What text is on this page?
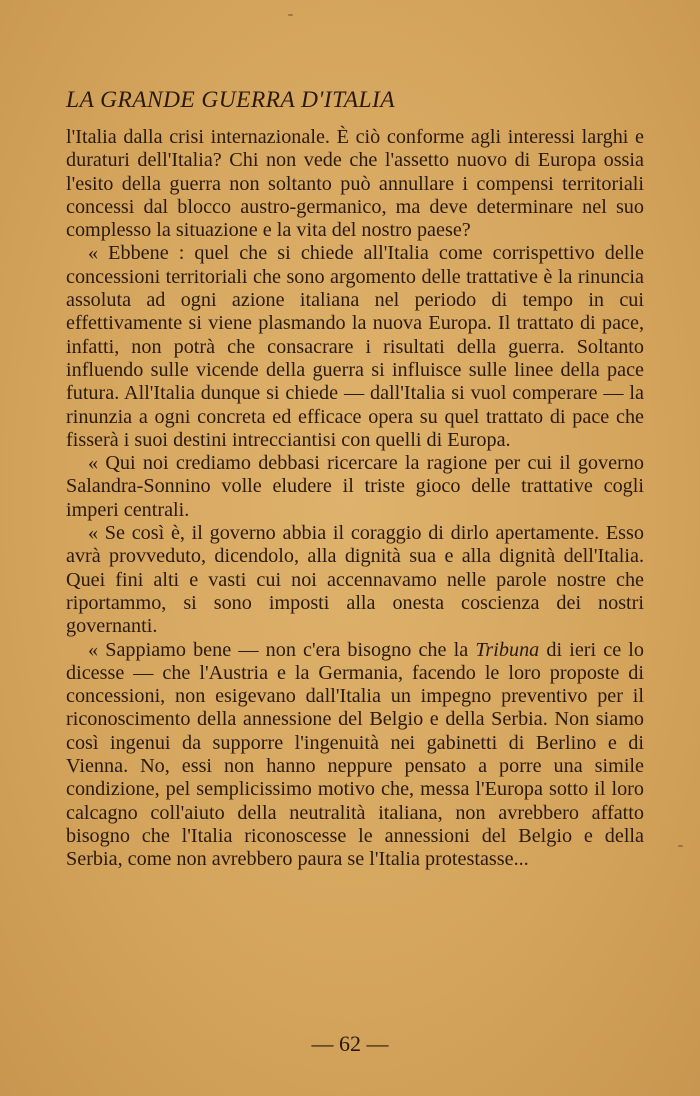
LA GRANDE GUERRA D'ITALIA

l'Italia dalla crisi internazionale. È ciò conforme agli interessi larghi e duraturi dell'Italia? Chi non vede che l'assetto nuovo di Europa ossia l'esito della guerra non soltanto può annullare i compensi territoriali concessi dal blocco austro-germanico, ma deve determinare nel suo complesso la situazione e la vita del nostro paese?

« Ebbene : quel che si chiede all'Italia come corrispettivo delle concessioni territoriali che sono argomento delle trattative è la rinuncia assoluta ad ogni azione italiana nel periodo di tempo in cui effettivamente si viene plasmando la nuova Europa. Il trattato di pace, infatti, non potrà che consacrare i risultati della guerra. Soltanto influendo sulle vicende della guerra si influisce sulle linee della pace futura. All'Italia dunque si chiede — dall'Italia si vuol comperare — la rinunzia a ogni concreta ed efficace opera su quel trattato di pace che fisserà i suoi destini intrecciantisi con quelli di Europa.

« Qui noi crediamo debbasi ricercare la ragione per cui il governo Salandra-Sonnino volle eludere il triste gioco delle trattative cogli imperi centrali.

« Se così è, il governo abbia il coraggio di dirlo apertamente. Esso avrà provveduto, dicendolo, alla dignità sua e alla dignità dell'Italia. Quei fini alti e vasti cui noi accennavamo nelle parole nostre che riportammo, si sono imposti alla onesta coscienza dei nostri governanti.

« Sappiamo bene — non c'era bisogno che la Tribuna di ieri ce lo dicesse — che l'Austria e la Germania, facendo le loro proposte di concessioni, non esigevano dall'Italia un impegno preventivo per il riconoscimento della annessione del Belgio e della Serbia. Non siamo così ingenui da supporre l'ingenuità nei gabinetti di Berlino e di Vienna. No, essi non hanno neppure pensato a porre una simile condizione, pel semplicissimo motivo che, messa l'Europa sotto il loro calcagno coll'aiuto della neutralità italiana, non avrebbero affatto bisogno che l'Italia riconoscesse le annessioni del Belgio e della Serbia, come non avrebbero paura se l'Italia protestasse...

— 62 —
